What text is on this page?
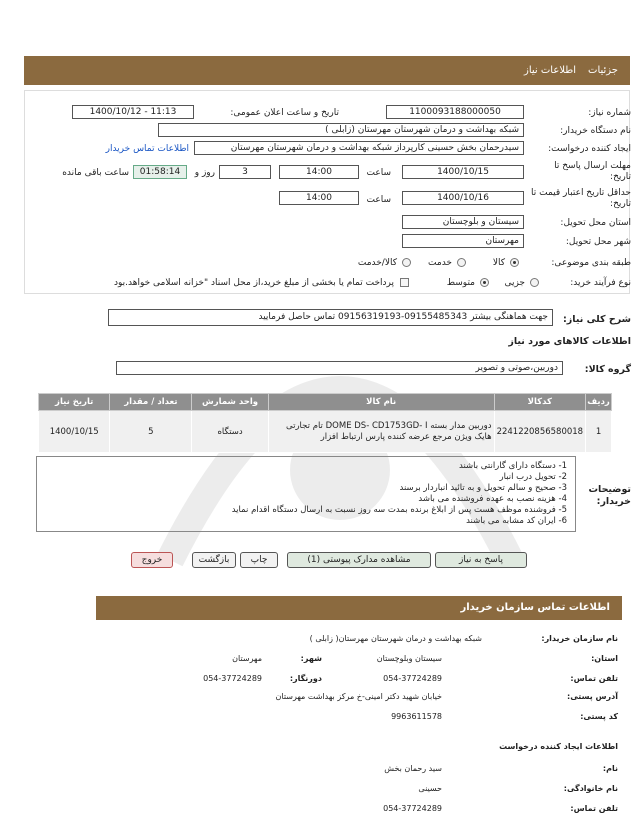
جزئیات
اطلاعات نیاز
شماره نیاز:
1100093188000050
تاریخ و ساعت اعلان عمومی:
1400/10/12 - 11:13
نام دستگاه خریدار:
شبکه بهداشت و درمان شهرستان مهرستان (زابلی )
ایجاد کننده درخواست:
سیدرحمان بخش حسینی کارپرداز شبکه بهداشت و درمان شهرستان مهرستان
اطلاعات تماس خریدار
مهلت ارسال پاسخ تا تاریخ:
1400/10/15
ساعت
14:00
3
روز و
01:58:14
ساعت باقی مانده
حداقل تاریخ اعتبار قیمت تا تاریخ:
1400/10/16
ساعت
14:00
استان محل تحویل:
سیستان و بلوچستان
شهر محل تحویل:
مهرستان
طبقه بندی موضوعی:
کالا
خدمت
کالا/خدمت
نوع فرآیند خرید:
جزیی
متوسط
پرداخت تمام یا بخشی از مبلغ خرید،از محل اسناد "خزانه اسلامی خواهد.بود
شرح کلی نیاز:
جهت هماهنگی بیشتر 09155485343-09156319193 تماس حاصل فرمایید
اطلاعات کالاهای مورد نیاز
گروه کالا:
دوربین،صوتی و تصویر
ردیف	کدکالا	نام کالا	واحد شمارش	تعداد / مقدار	تاریخ نیاز
1	2241220856580018	دوربین مدار بسته DOME DS- CD1753GD- I تام تجارتی هایک ویژن مرجع عرضه کننده پارس ارتباط افزار	دستگاه	5	1400/10/15
توضیحات خریدار:
1- دستگاه دارای گارانتی باشند
2- تحویل درب انبار
3- صحیح و سالم تحویل و به تائید انباردار برسند
4- هزینه نصب به عهده فروشنده می باشد
5- فروشنده موظف هست پس از ابلاغ برنده بمدت سه روز نسبت به ارسال دستگاه اقدام نماید
6- ایران کد مشابه می باشند
پاسخ به نیاز
مشاهده مدارک پیوستی (1)
چاپ
بازگشت
خروج
اطلاعات تماس سازمان خریدار
نام سازمان خریدار:
شبکه بهداشت و درمان شهرستان مهرستان( زابلی )
استان:
سیستان وبلوچستان
شهر:
مهرستان
تلفن تماس:
054-37724289
دورنگار:
054-37724289
آدرس پستی:
خیابان شهید دکتر امینی-خ مرکز بهداشت مهرستان
کد پستی:
9963611578
اطلاعات ایجاد کننده درخواست
نام:
سید رحمان بخش
نام خانوادگی:
حسینی
تلفن تماس:
054-37724289
